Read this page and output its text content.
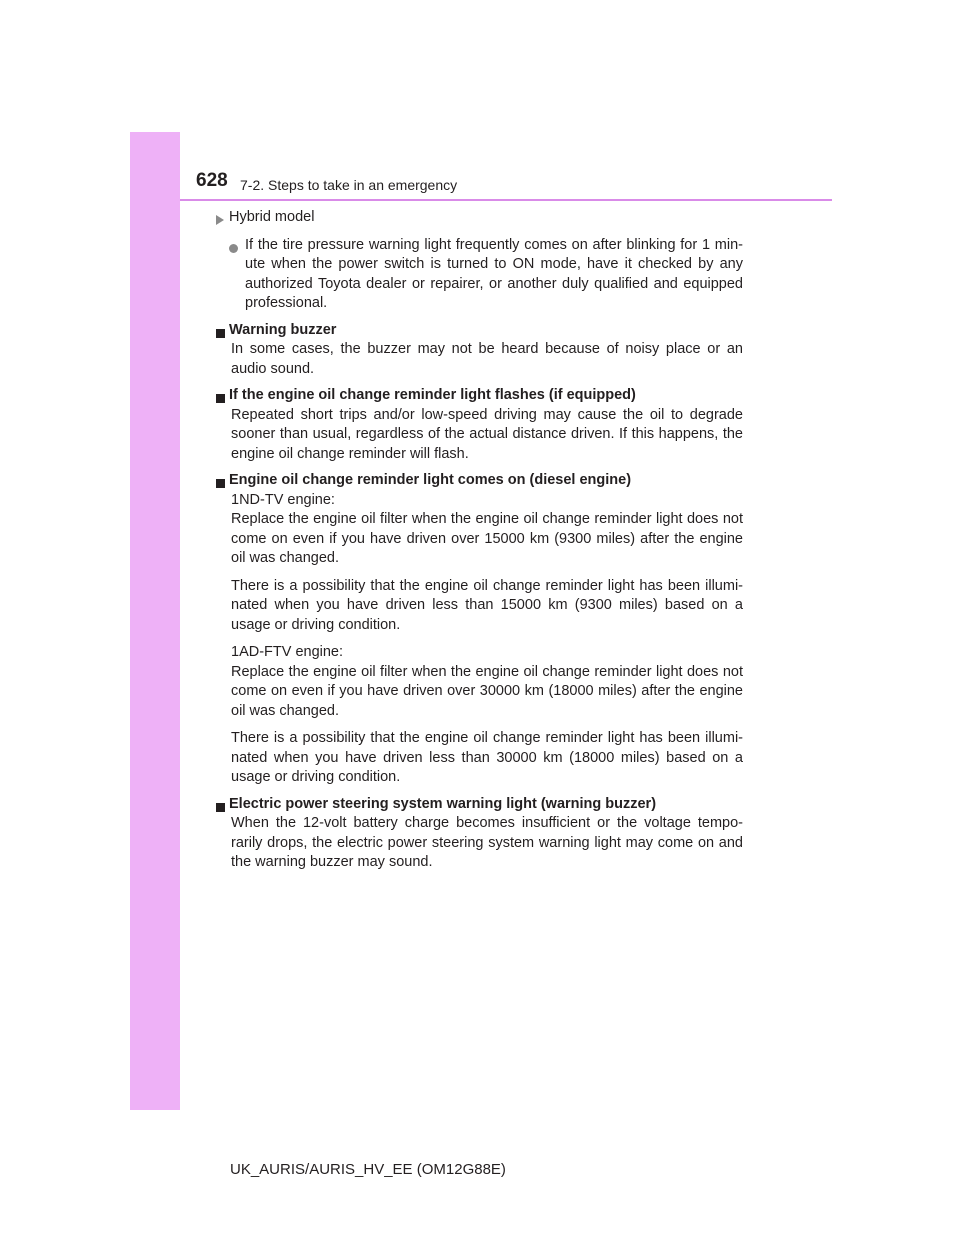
628 7-2. Steps to take in an emergency
Hybrid model
If the tire pressure warning light frequently comes on after blinking for 1 min-ute when the power switch is turned to ON mode, have it checked by any authorized Toyota dealer or repairer, or another duly qualified and equipped professional.
Warning buzzer
In some cases, the buzzer may not be heard because of noisy place or an audio sound.
If the engine oil change reminder light flashes (if equipped)
Repeated short trips and/or low-speed driving may cause the oil to degrade sooner than usual, regardless of the actual distance driven. If this happens, the engine oil change reminder will flash.
Engine oil change reminder light comes on (diesel engine)
1ND-TV engine:
Replace the engine oil filter when the engine oil change reminder light does not come on even if you have driven over 15000 km (9300 miles) after the engine oil was changed.
There is a possibility that the engine oil change reminder light has been illumi-nated when you have driven less than 15000 km (9300 miles) based on a usage or driving condition.
1AD-FTV engine:
Replace the engine oil filter when the engine oil change reminder light does not come on even if you have driven over 30000 km (18000 miles) after the engine oil was changed.
There is a possibility that the engine oil change reminder light has been illumi-nated when you have driven less than 30000 km (18000 miles) based on a usage or driving condition.
Electric power steering system warning light (warning buzzer)
When the 12-volt battery charge becomes insufficient or the voltage tempo-rarily drops, the electric power steering system warning light may come on and the warning buzzer may sound.
UK_AURIS/AURIS_HV_EE (OM12G88E)
